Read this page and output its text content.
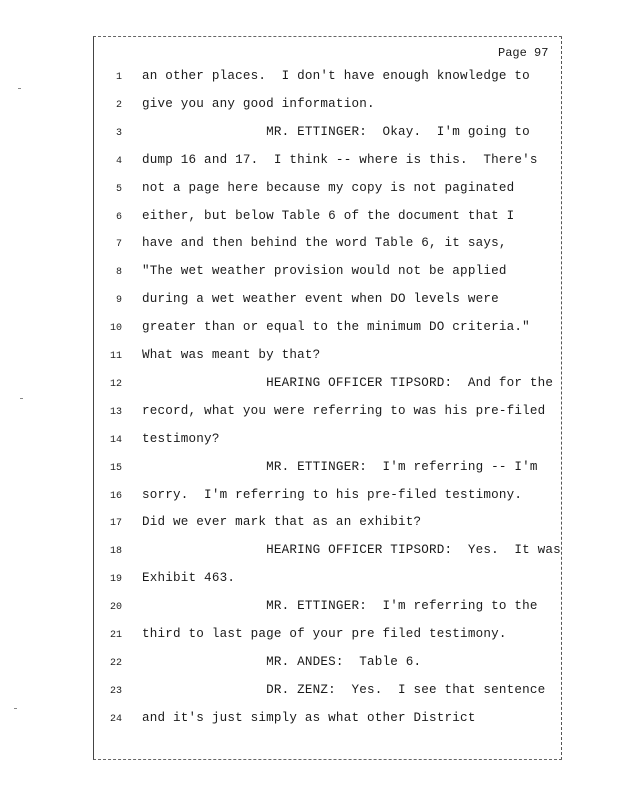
Page 97
1 an other places.  I don't have enough knowledge to
2 give you any good information.
3 MR. ETTINGER:  Okay.  I'm going to
4 dump 16 and 17.  I think -- where is this.  There's
5 not a page here because my copy is not paginated
6 either, but below Table 6 of the document that I
7 have and then behind the word Table 6, it says,
8 "The wet weather provision would not be applied
9 during a wet weather event when DO levels were
10 greater than or equal to the minimum DO criteria."
11 What was meant by that?
12 HEARING OFFICER TIPSORD:  And for the
13 record, what you were referring to was his pre-filed
14 testimony?
15 MR. ETTINGER:  I'm referring -- I'm
16 sorry.  I'm referring to his pre-filed testimony.
17 Did we ever mark that as an exhibit?
18 HEARING OFFICER TIPSORD:  Yes.  It was
19 Exhibit 463.
20 MR. ETTINGER:  I'm referring to the
21 third to last page of your pre filed testimony.
22 MR. ANDES:  Table 6.
23 DR. ZENZ:  Yes.  I see that sentence
24 and it's just simply as what other District
